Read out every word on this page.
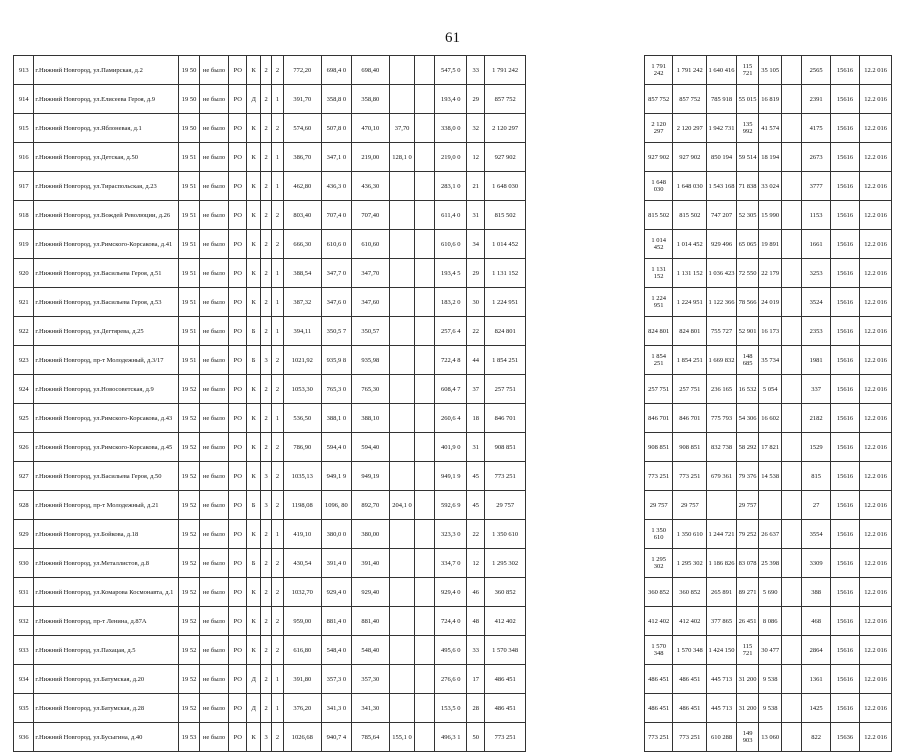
61
913	г.Нижний Новгород, ул.Памирская, д.2	19 50	не было	РО	К	2	2	772,20	698,4 0	698,40			547,5 0	33	1 791 242		1 791 242	1 791 242	1 640 416	115 721	35 105		2565	15616	12.2 016
914	г.Нижний Новгород, ул.Елисеева Героя, д.9	19 50	не было	РО	Д	2	1	391,70	358,8 0	358,80			193,4 0	29	857 752		857 752	857 752	785 918	55 015	16 819		2391	15616	12.2 016
915	г.Нижний Новгород, ул.Яблоневая, д.1	19 50	не было	РО	К	2	2	574,60	507,8 0	470,10	37,70		338,0 0	32	2 120 297		2 120 297	2 120 297	1 942 731	135 992	41 574		4175	15616	12.2 016
916	г.Нижний Новгород, ул.Детская, д.50	19 51	не было	РО	К	2	1	386,70	347,1 0	219,00	128,1 0		219,0 0	12	927 902		927 902	927 902	850 194	59 514	18 194		2673	15616	12.2 016
917	г.Нижний Новгород, ул.Тираспольская, д.23	19 51	не было	РО	К	2	1	462,80	436,3 0	436,30			283,1 0	21	1 648 030		1 648 030	1 648 030	1 543 168	71 838	33 024		3777	15616	12.2 016
918	г.Нижний Новгород, ул.Вождей Революции, д.26	19 51	не было	РО	К	2	2	803,40	707,4 0	707,40			611,4 0	31	815 502		815 502	815 502	747 207	52 305	15 990		1153	15616	12.2 016
919	г.Нижний Новгород, ул.Римского-Корсакова, д.41	19 51	не было	РО	К	2	2	666,30	610,6 0	610,60			610,6 0	34	1 014 452		1 014 452	1 014 452	929 496	65 065	19 891		1661	15616	12.2 016
920	г.Нижний Новгород, ул.Васильева Героя, д.51	19 51	не было	РО	К	2	1	388,54	347,7 0	347,70			193,4 5	29	1 131 152		1 131 152	1 131 152	1 036 423	72 550	22 179		3253	15616	12.2 016
921	г.Нижний Новгород, ул.Васильева Героя, д.53	19 51	не было	РО	К	2	1	387,32	347,6 0	347,60			183,2 0	30	1 224 951		1 224 951	1 224 951	1 122 366	78 566	24 019		3524	15616	12.2 016
922	г.Нижний Новгород, ул.Дегтярева, д.25	19 51	не было	РО	Б	2	1	394,11	350,5 7	350,57			257,6 4	22	824 801		824 801	824 801	755 727	52 901	16 173		2353	15616	12.2 016
923	г.Нижний Новгород, пр-т Молодежный, д.3/17	19 51	не было	РО	Б	3	2	1021,92	935,9 8	935,98			722,4 8	44	1 854 251		1 854 251	1 854 251	1 669 832	148 685	35 734		1981	15616	12.2 016
924	г.Нижний Новгород, ул.Новосоветская, д.9	19 52	не было	РО	К	2	2	1053,30	765,3 0	765,30			608,4 7	37	257 751		257 751	257 751	236 165	16 532	5 054		337	15616	12.2 016
925	г.Нижний Новгород, ул.Римского-Корсакова, д.43	19 52	не было	РО	К	2	1	536,50	388,1 0	388,10			260,6 4	18	846 701		846 701	846 701	775 793	54 306	16 602		2182	15616	12.2 016
926	г.Нижний Новгород, ул.Римского-Корсакова, д.45	19 52	не было	РО	К	2	2	786,90	594,4 0	594,40			401,9 0	31	908 851		908 851	908 851	832 738	58 292	17 821		1529	15616	12.2 016
927	г.Нижний Новгород, ул.Васильева Героя, д.50	19 52	не было	РО	К	3	2	1035,13	949,1 9	949,19			949,1 9	45	773 251		773 251	773 251	679 361	79 376	14 538		815	15616	12.2 016
928	г.Нижний Новгород, пр-т Молодежный, д.21	19 52	не было	РО	Б	3	2	1198,08	1096, 80	892,70	204,1 0		592,6 9	45	29 757		29 757	29 757		29 757			27	15616	12.2 016
929	г.Нижний Новгород, ул.Бойкова, д.18	19 52	не было	РО	К	2	1	419,10	380,0 0	380,00			323,3 0	22	1 350 610		1 350 610	1 350 610	1 244 721	79 252	26 637		3554	15616	12.2 016
930	г.Нижний Новгород, ул.Металлистов, д.8	19 52	не было	РО	Б	2	2	430,54	391,4 0	391,40			334,7 0	12	1 295 302		1 295 302	1 295 302	1 186 826	83 078	25 398		3309	15616	12.2 016
931	г.Нижний Новгород, ул.Комарова Космонавта, д.1	19 52	не было	РО	К	2	2	1032,70	929,4 0	929,40			929,4 0	46	360 852		360 852	360 852	265 891	89 271	5 690		388	15616	12.2 016
932	г.Нижний Новгород, пр-т Ленина, д.87А	19 52	не было	РО	К	2	2	959,00	881,4 0	881,40			724,4 0	48	412 402		412 402	412 402	377 865	26 451	8 086		468	15616	12.2 016
933	г.Нижний Новгород, ул.Пахацая, д.5	19 52	не было	РО	К	2	2	616,80	548,4 0	548,40			495,6 0	33	1 570 348		1 570 348	1 570 348	1 424 150	115 721	30 477		2864	15616	12.2 016
934	г.Нижний Новгород, ул.Батумская, д.20	19 52	не было	РО	Д	2	1	391,80	357,3 0	357,30			276,6 0	17	486 451		486 451	486 451	445 713	31 200	9 538		1361	15616	12.2 016
935	г.Нижний Новгород, ул.Батумская, д.28	19 52	не было	РО	Д	2	1	376,20	341,3 0	341,30			153,5 0	28	486 451		486 451	486 451	445 713	31 200	9 538		1425	15616	12.2 016
936	г.Нижний Новгород, ул.Бусыгина, д.40	19 53	не было	РО	К	3	2	1026,68	940,7 4	785,64	155,1 0		496,3 1	50	773 251		773 251	773 251	610 288	149 903	13 060		822	15636	12.2 016
